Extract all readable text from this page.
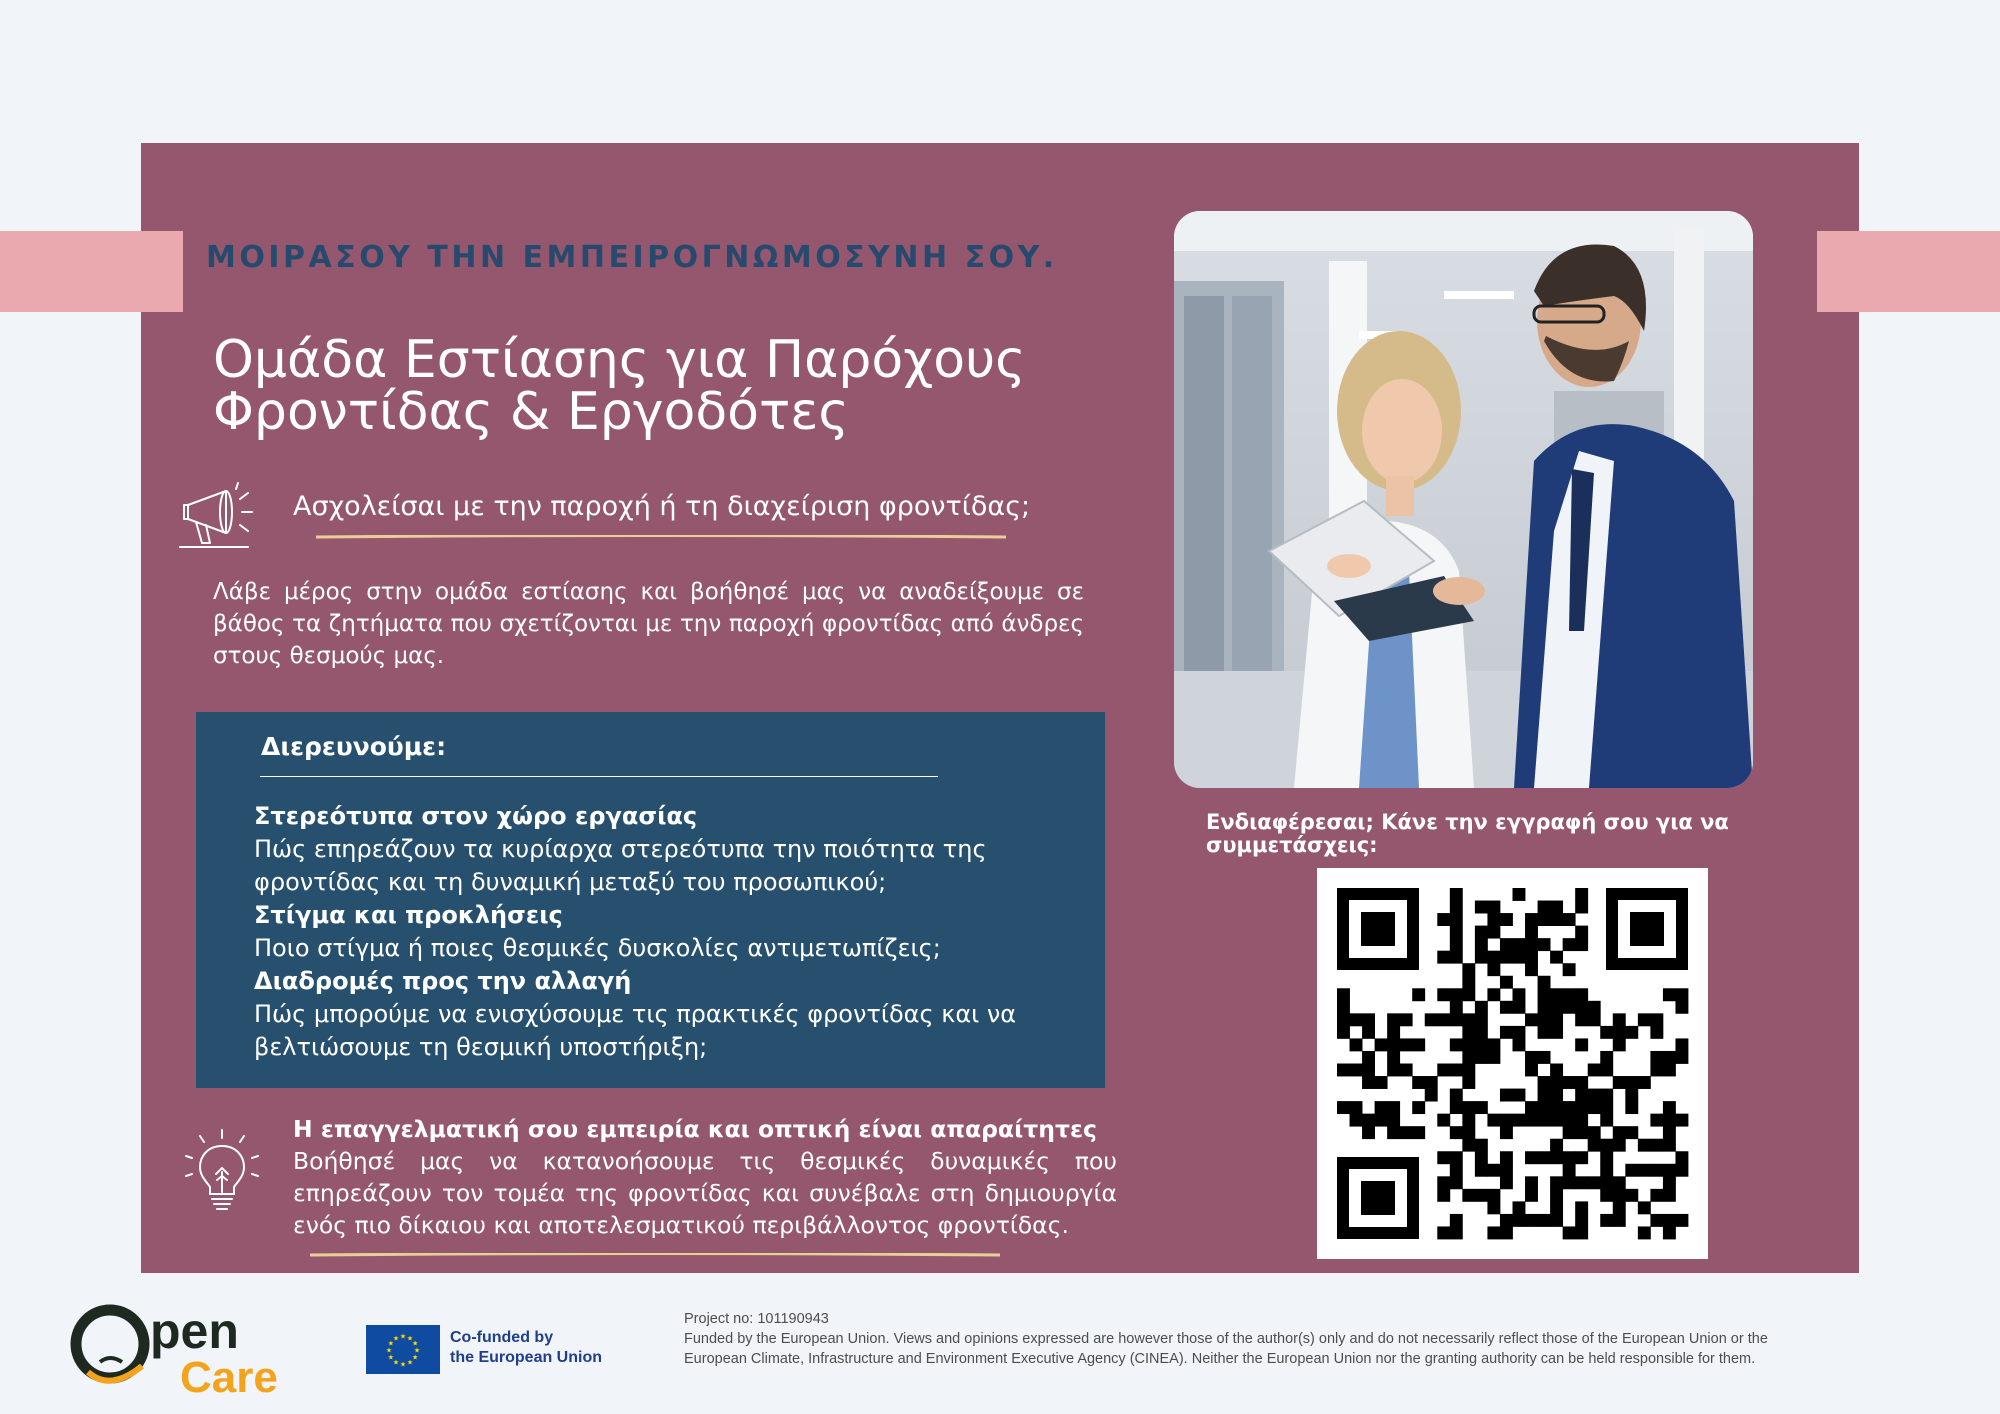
ΜΟΙΡΑΣΟΥ ΤΗΝ ΕΜΠΕΙΡΟΓΝΩΜΟΣΥΝΗ ΣΟΥ.
Ομάδα Εστίασης για Παρόχους
Φροντίδας & Εργοδότες
Ασχολείσαι με την παροχή ή τη διαχείριση φροντίδας;
Λάβε μέρος στην ομάδα εστίασης και βοήθησέ μας να αναδείξουμε σε βάθος τα ζητήματα που σχετίζονται με την παροχή φροντίδας από άνδρες στους θεσμούς μας.
Διερευνούμε:
Στερεότυπα στον χώρο εργασίας
Πώς επηρεάζουν τα κυρίαρχα στερεότυπα την ποιότητα της φροντίδας και τη δυναμική μεταξύ του προσωπικού;
Στίγμα και προκλήσεις
Ποιο στίγμα ή ποιες θεσμικές δυσκολίες αντιμετωπίζεις;
Διαδρομές προς την αλλαγή
Πώς μπορούμε να ενισχύσουμε τις πρακτικές φροντίδας και να βελτιώσουμε τη θεσμική υποστήριξη;
Η επαγγελματική σου εμπειρία και οπτική είναι απαραίτητες
Βοήθησέ μας να κατανοήσουμε τις θεσμικές δυναμικές που επηρεάζουν τον τομέα της φροντίδας και συνέβαλε στη δημιουργία ενός πιο δίκαιου και αποτελεσματικού περιβάλλοντος φροντίδας.
Ενδιαφέρεσαι; Κάνε την εγγραφή σου για να συμμετάσχεις:
pen
Care
★
★
★
★
★
★
★
★
★ ★ ★
★ Co-funded by
the European Union
Project no: 101190943
Funded by the European Union. Views and opinions expressed are however those of the author(s) only and do not necessarily reflect those of the European Union or the European Climate, Infrastructure and Environment Executive Agency (CINEA). Neither the European Union nor the granting authority can be held responsible for them.
